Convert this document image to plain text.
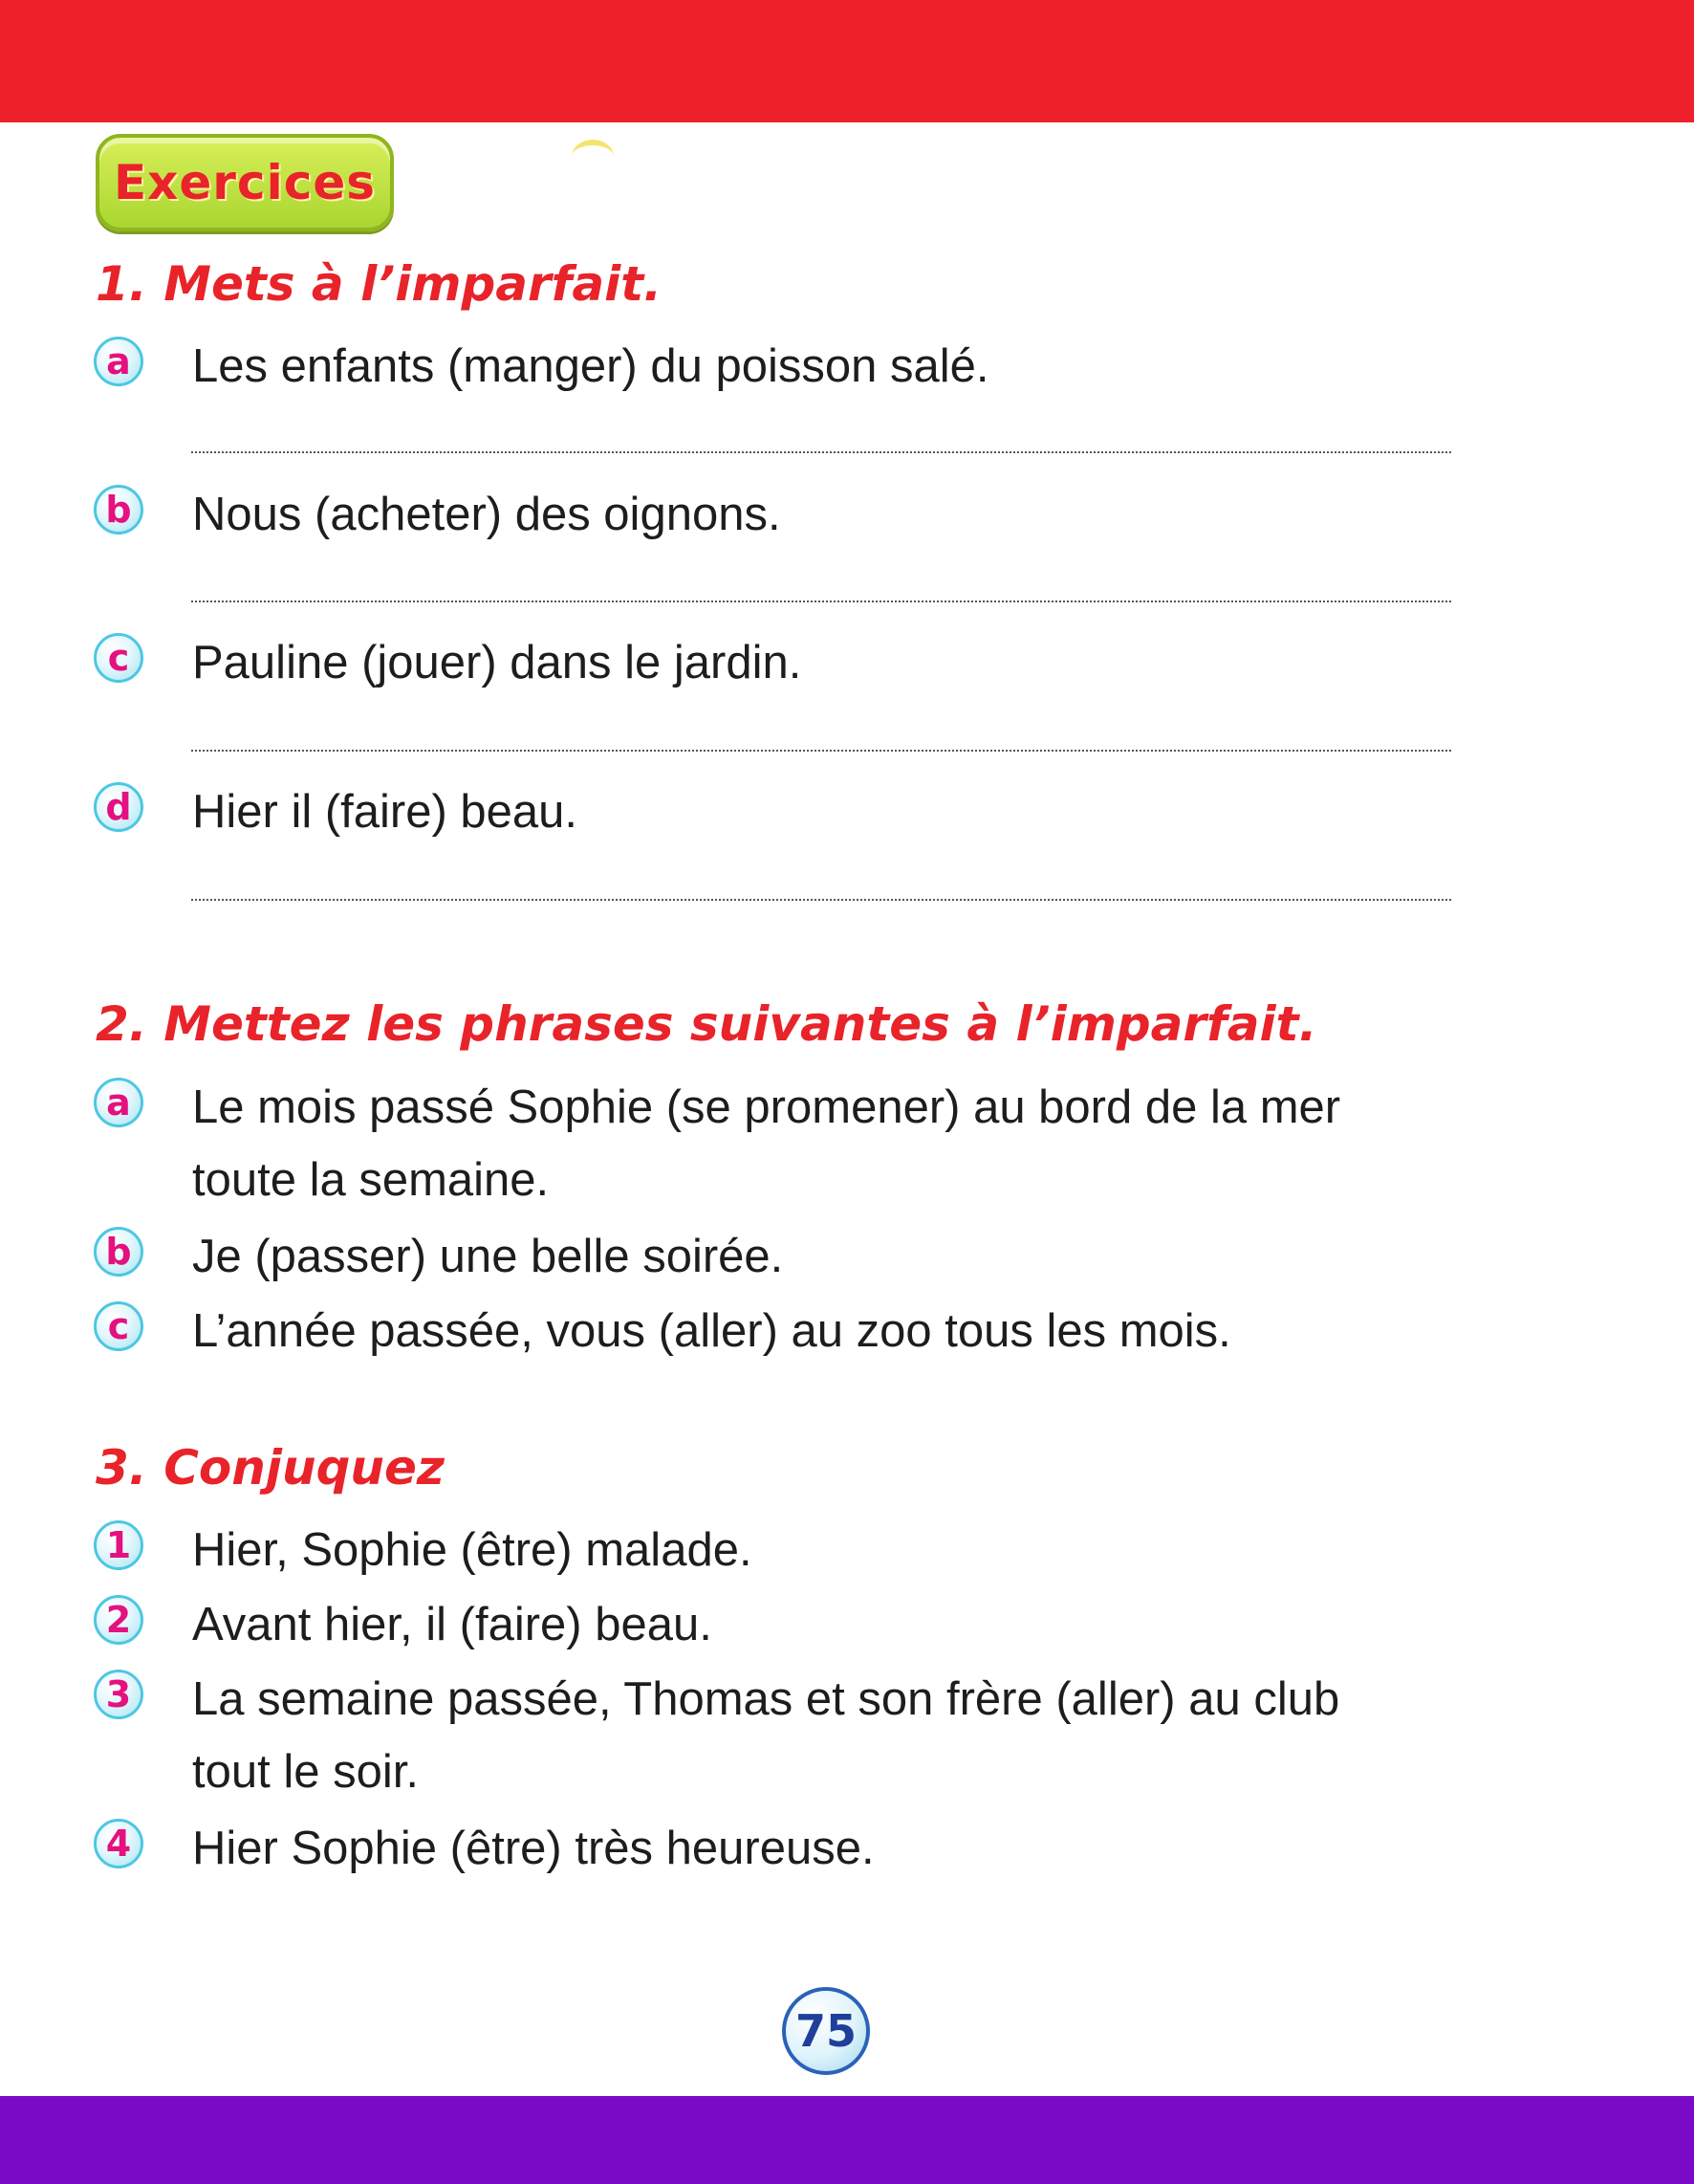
Exercices
1. Mets à l’imparfait.
a Les enfants (manger) du poisson salé.
b Nous (acheter) des oignons.
c	Pauline (jouer) dans le jardin.
d Hier il (faire) beau.
2. Mettez les phrases suivantes à l’imparfait.
a Le mois passé Sophie (se promener) au bord de la mer
toute la semaine.
b Je (passer) une belle soirée.
c	L’année passée, vous (aller) au zoo tous les mois.
3. Conjuquez
1 Hier, Sophie (être) malade.
2 Avant hier, il (faire) beau.
3 La semaine passée, Thomas et son frère (aller) au club
tout le soir.
4 Hier Sophie (être) très heureuse.
75
